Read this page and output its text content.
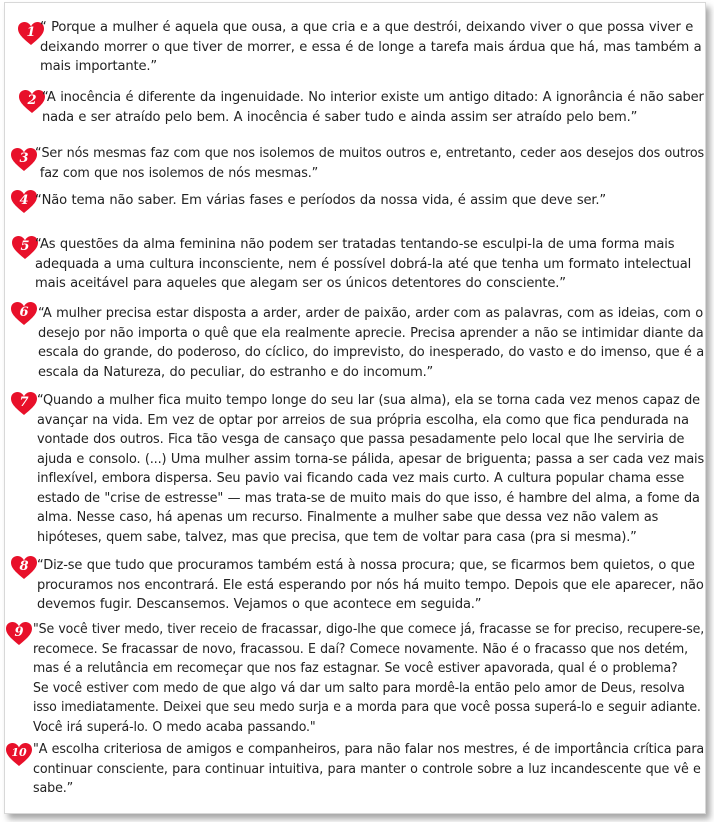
1 “ Porque a mulher é aquela que ousa, a que cria e a que destrói, deixando viver o que possa viver e
deixando morrer o que tiver de morrer, e essa é de longe a tarefa mais árdua que há, mas também a
mais importante.”
2 “A inocência é diferente da ingenuidade. No interior existe um antigo ditado: A ignorância é não saber
nada e ser atraído pelo bem. A inocência é saber tudo e ainda assim ser atraído pelo bem.”
3 “Ser nós mesmas faz com que nos isolemos de muitos outros e, entretanto, ceder aos desejos dos outros
faz com que nos isolemos de nós mesmas.”
4 “Não tema não saber. Em várias fases e períodos da nossa vida, é assim que deve ser.”
5 “As questões da alma feminina não podem ser tratadas tentando-se esculpi-la de uma forma mais
adequada a uma cultura inconsciente, nem é possível dobrá-la até que tenha um formato intelectual
mais aceitável para aqueles que alegam ser os únicos detentores do consciente.”
6 “A mulher precisa estar disposta a arder, arder de paixão, arder com as palavras, com as ideias, com o
desejo por não importa o quê que ela realmente aprecie. Precisa aprender a não se intimidar diante da
escala do grande, do poderoso, do cíclico, do imprevisto, do inesperado, do vasto e do imenso, que é a
escala da Natureza, do peculiar, do estranho e do incomum.”
7 “Quando a mulher fica muito tempo longe do seu lar (sua alma), ela se torna cada vez menos capaz de
avançar na vida. Em vez de optar por arreios de sua própria escolha, ela como que fica pendurada na
vontade dos outros. Fica tão vesga de cansaço que passa pesadamente pelo local que lhe serviria de
ajuda e consolo. (...) Uma mulher assim torna-se pálida, apesar de briguenta; passa a ser cada vez mais
inflexível, embora dispersa. Seu pavio vai ficando cada vez mais curto. A cultura popular chama esse
estado de "crise de estresse" — mas trata-se de muito mais do que isso, é hambre del alma, a fome da
alma. Nesse caso, há apenas um recurso. Finalmente a mulher sabe que dessa vez não valem as
hipóteses, quem sabe, talvez, mas que precisa, que tem de voltar para casa (pra si mesma).”
8 “Diz-se que tudo que procuramos também está à nossa procura; que, se ficarmos bem quietos, o que
procuramos nos encontrará. Ele está esperando por nós há muito tempo. Depois que ele aparecer, não
devemos fugir. Descansemos. Vejamos o que acontece em seguida.”
9 "Se você tiver medo, tiver receio de fracassar, digo-lhe que comece já, fracasse se for preciso, recupere-se,
recomece. Se fracassar de novo, fracassou. E daí? Comece novamente. Não é o fracasso que nos detém,
mas é a relutância em recomeçar que nos faz estagnar. Se você estiver apavorada, qual é o problema?
Se você estiver com medo de que algo vá dar um salto para mordê-la então pelo amor de Deus, resolva
isso imediatamente. Deixei que seu medo surja e a morda para que você possa superá-lo e seguir adiante.
Você irá superá-lo. O medo acaba passando."
10 "A escolha criteriosa de amigos e companheiros, para não falar nos mestres, é de importância crítica para
continuar consciente, para continuar intuitiva, para manter o controle sobre a luz incandescente que vê e
sabe.”
